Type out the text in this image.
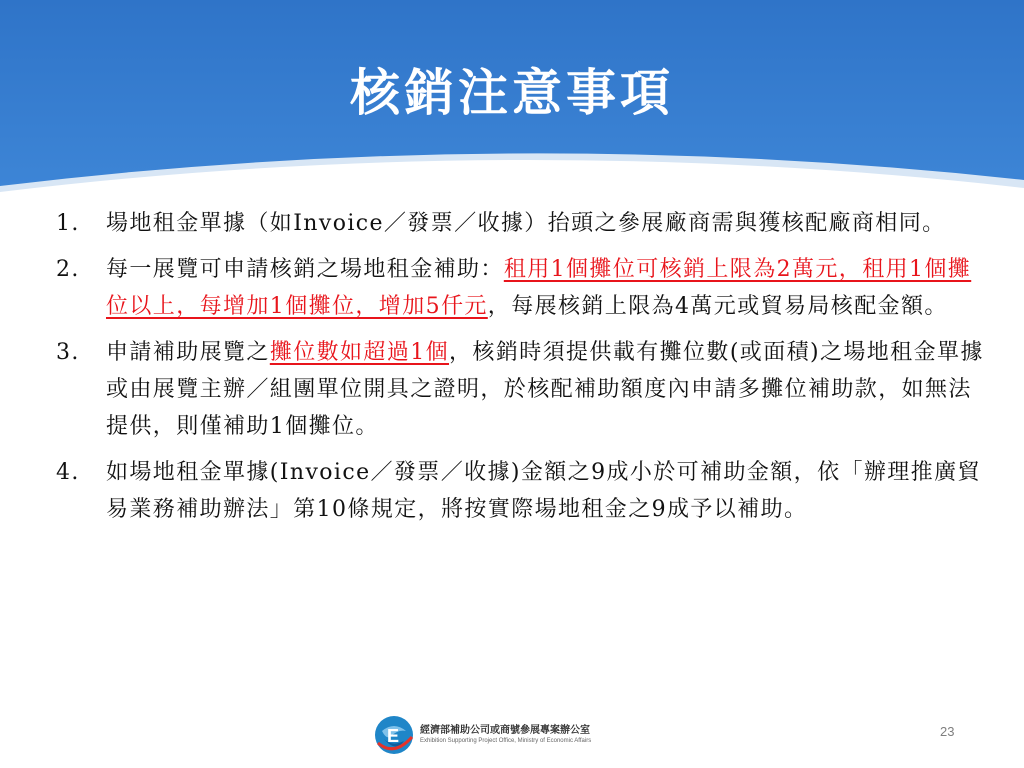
核銷注意事項
1.	場地租金單據（如Invoice／發票／收據）抬頭之參展廠商需與獲核配廠商相同。
2.	每一展覽可申請核銷之場地租金補助：租用1個攤位可核銷上限為2萬元，租用1個攤位以上，每增加1個攤位，增加5仟元，每展核銷上限為4萬元或貿易局核配金額。
3.	申請補助展覽之攤位數如超過1個，核銷時須提供載有攤位數(或面積)之場地租金單據或由展覽主辦／組團單位開具之證明，於核配補助額度內申請多攤位補助款，如無法提供，則僅補助1個攤位。
4.	如場地租金單據(Invoice／發票／收據)金額之9成小於可補助金額，依「辦理推廣貿易業務補助辦法」第10條規定，將按實際場地租金之9成予以補助。
E 經濟部補助公司或商號參展專案辦公室
Exhibition Supporting Project Office, Ministry of Economic Affairs
23
